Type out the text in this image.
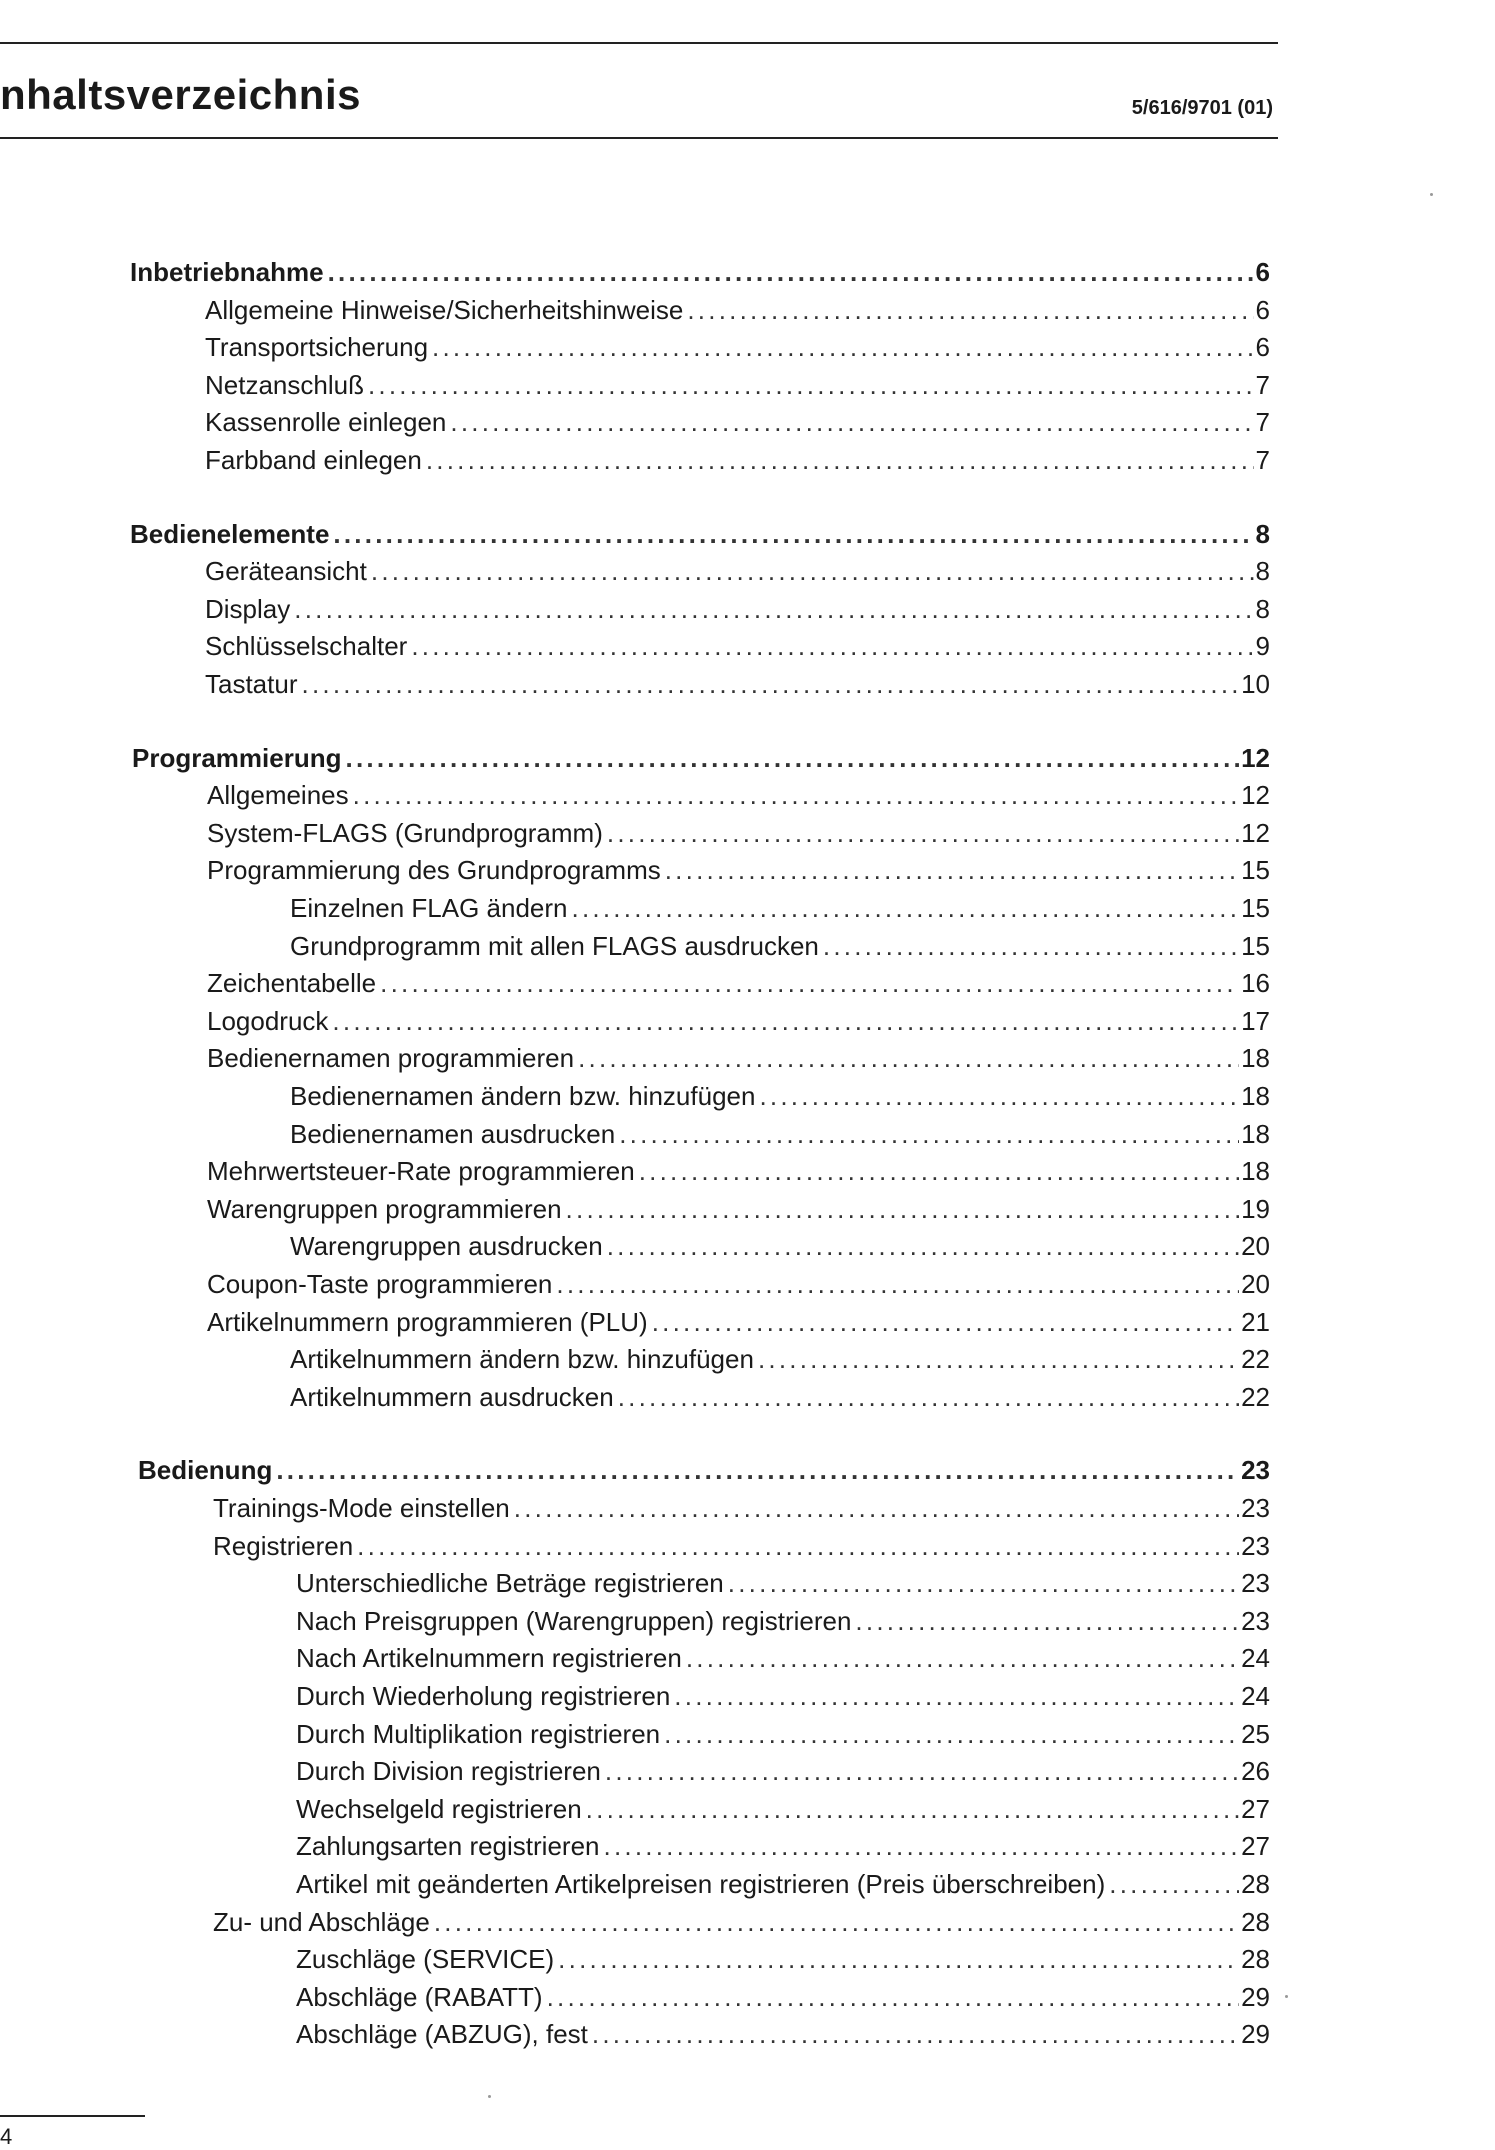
nhaltsverzeichnis	5/616/9701 (01)
Inbetriebnahme . . .	6
Allgemeine Hinweise/Sicherheitshinweise . . .	6
Transportsicherung . . .	6
Netzanschluß . . .	7
Kassenrolle einlegen . . .	7
Farbband einlegen . . .	7
Bedienelemente . . .	8
Geräteansicht . . .	8
Display . . .	8
Schlüsselschalter . . .	9
Tastatur . . .	10
Programmierung . . .	12
Allgemeines . . .	12
System-FLAGS (Grundprogramm) . . .	12
Programmierung des Grundprogramms . . .	15
Einzelnen FLAG ändern . . .	15
Grundprogramm mit allen FLAGS ausdrucken . . .	15
Zeichentabelle . . .	16
Logodruck . . .	17
Bedienernamen programmieren . . .	18
Bedienernamen ändern bzw. hinzufügen . . .	18
Bedienernamen ausdrucken . . .	18
Mehrwertsteuer-Rate programmieren . . .	18
Warengruppen programmieren . . .	19
Warengruppen ausdrucken . . .	20
Coupon-Taste programmieren . . .	20
Artikelnummern programmieren (PLU) . . .	21
Artikelnummern ändern bzw. hinzufügen . . .	22
Artikelnummern ausdrucken . . .	22
Bedienung . . .	23
Trainings-Mode einstellen . . .	23
Registrieren . . .	23
Unterschiedliche Beträge registrieren . . .	23
Nach Preisgruppen (Warengruppen) registrieren . . .	23
Nach Artikelnummern registrieren . . .	24
Durch Wiederholung registrieren . . .	24
Durch Multiplikation registrieren . . .	25
Durch Division registrieren . . .	26
Wechselgeld registrieren . . .	27
Zahlungsarten registrieren . . .	27
Artikel mit geänderten Artikelpreisen registrieren (Preis überschreiben) . . .	28
Zu- und Abschläge . . .	28
Zuschläge (SERVICE) . . .	28
Abschläge (RABATT) . . .	29
Abschläge (ABZUG), fest . . .	29
4
